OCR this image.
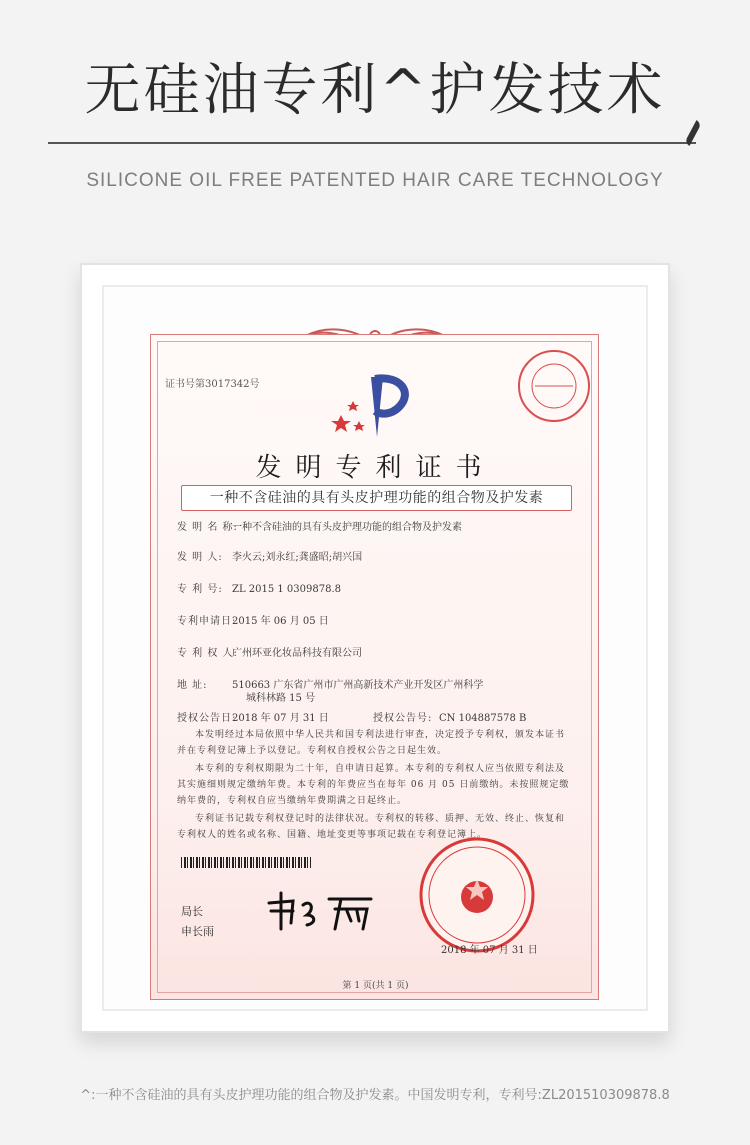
无硅油专利^护发技术
SILICONE OIL FREE PATENTED HAIR CARE TECHNOLOGY
证书号第3017342号
发明专利证书
一种不含硅油的具有头皮护理功能的组合物及护发素
发 明 名 称:一种不含硅油的具有头皮护理功能的组合物及护发素
发 明 人: 李火云;刘永红;龚盛昭;胡兴国
专 利 号: ZL 2015 1 0309878.8
专利申请日:2015 年 06 月 05 日
专 利 权 人:广州环亚化妆品科技有限公司
地 址: 510663 广东省广州市广州高新技术产业开发区广州科学
城科林路 15 号
授权公告日:2018 年 07 月 31 日	授权公告号: CN 104887578 B
本发明经过本局依照中华人民共和国专利法进行审查，决定授予专利权，颁发本证书并在专利登记簿上予以登记。专利权自授权公告之日起生效。
本专利的专利权期限为二十年，自申请日起算。本专利的专利权人应当依照专利法及其实施细则规定缴纳年费。本专利的年费应当在每年 06 月 05 日前缴纳。未按照规定缴纳年费的，专利权自应当缴纳年费期满之日起终止。
专利证书记载专利权登记时的法律状况。专利权的转移、质押、无效、终止、恢复和专利权人的姓名或名称、国籍、地址变更等事项记载在专利登记簿上。
局长
申长雨
2018 年 07 月 31 日
第 1 页(共 1 页)
^:一种不含硅油的具有头皮护理功能的组合物及护发素。中国发明专利，专利号:ZL201510309878.8
